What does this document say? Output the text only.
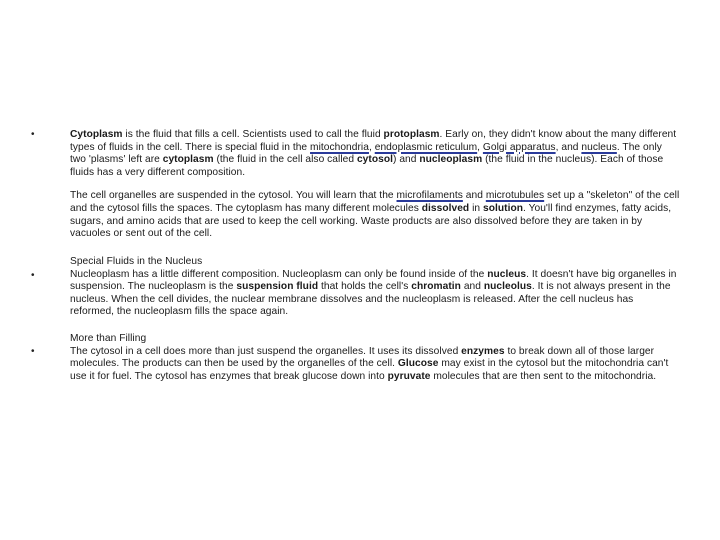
•	Cytoplasm is the fluid that fills a cell. Scientists used to call the fluid protoplasm. Early on, they didn't know about the many different types of fluids in the cell. There is special fluid in the mitochondria, endoplasmic reticulum, Golgi apparatus, and nucleus. The only two 'plasms' left are cytoplasm (the fluid in the cell also called cytosol) and nucleoplasm (the fluid in the nucleus). Each of those fluids has a very different composition.

The cell organelles are suspended in the cytosol. You will learn that the microfilaments and microtubules set up a "skeleton" of the cell and the cytosol fills the spaces. The cytoplasm has many different molecules dissolved in solution. You'll find enzymes, fatty acids, sugars, and amino acids that are used to keep the cell working. Waste products are also dissolved before they are taken in by vacuoles or sent out of the cell.

•

Special Fluids in the Nucleus
Nucleoplasm has a little different composition. Nucleoplasm can only be found inside of the nucleus. It doesn't have big organelles in suspension. The nucleoplasm is the suspension fluid that holds the cell's chromatin and nucleolus. It is not always present in the nucleus. When the cell divides, the nuclear membrane dissolves and the nucleoplasm is released. After the cell nucleus has reformed, the nucleoplasm fills the space again.

•

More than Filling
The cytosol in a cell does more than just suspend the organelles. It uses its dissolved enzymes to break down all of those larger molecules. The products can then be used by the organelles of the cell. Glucose may exist in the cytosol but the mitochondria can't use it for fuel. The cytosol has enzymes that break glucose down into pyruvate molecules that are then sent to the mitochondria.
